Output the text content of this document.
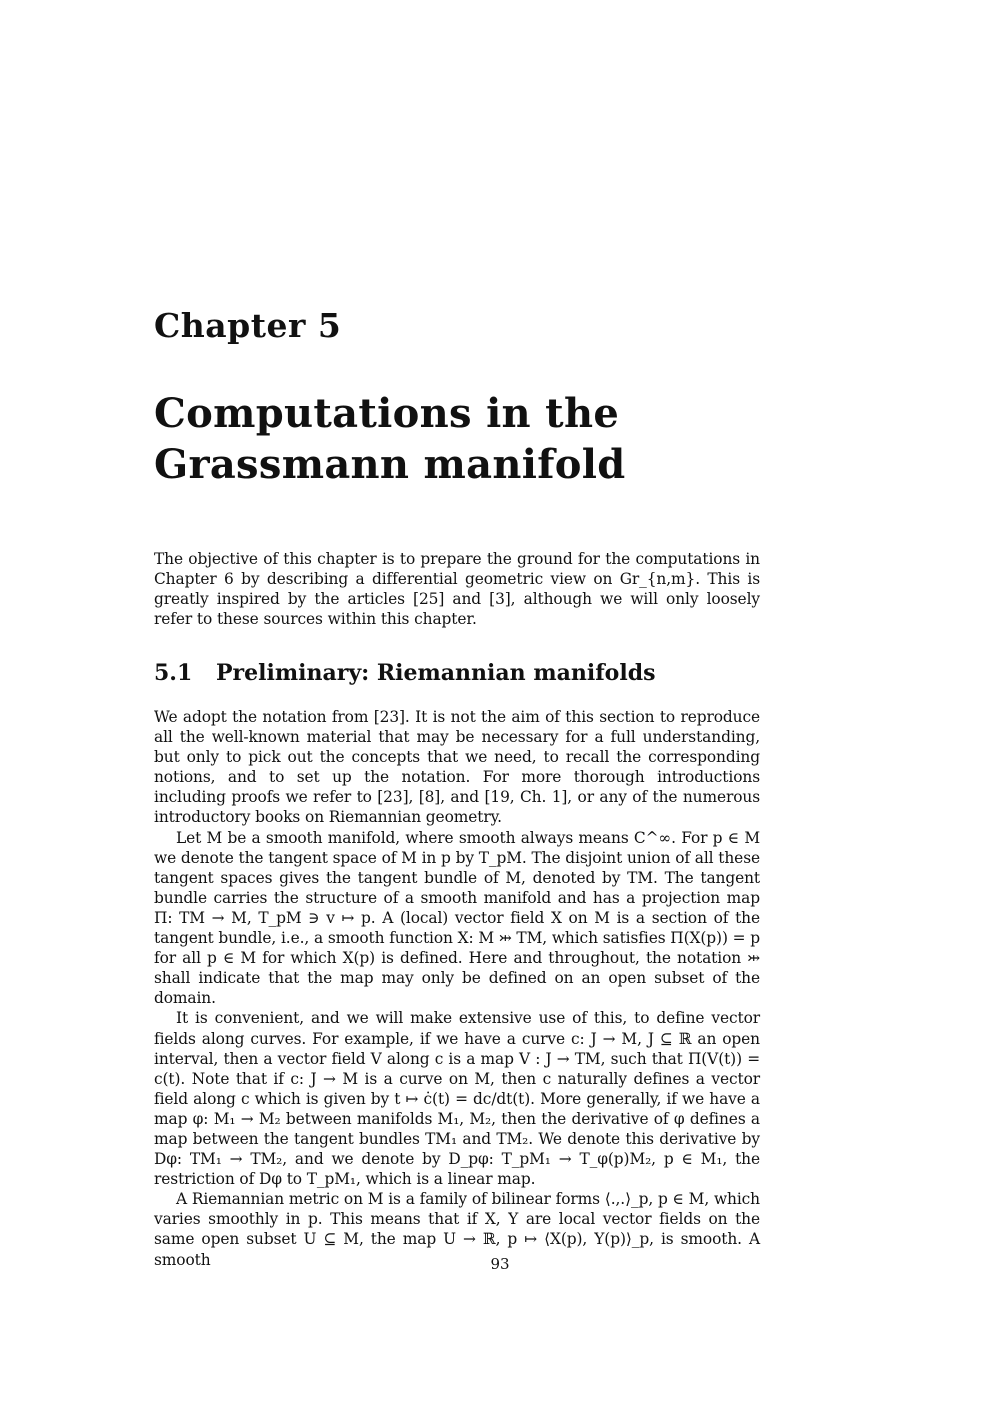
Chapter 5
Computations in the
Grassmann manifold

The objective of this chapter is to prepare the ground for the computations in Chapter 6 by describing a differential geometric view on Gr_{n,m}. This is greatly inspired by the articles [25] and [3], although we will only loosely refer to these sources within this chapter.

5.1 Preliminary: Riemannian manifolds

We adopt the notation from [23]. It is not the aim of this section to reproduce all the well-known material that may be necessary for a full understanding, but only to pick out the concepts that we need, to recall the corresponding notions, and to set up the notation. For more thorough introductions including proofs we refer to [23], [8], and [19, Ch. 1], or any of the numerous introductory books on Riemannian geometry.

Let M be a smooth manifold, where smooth always means C^∞. For p ∈ M we denote the tangent space of M in p by T_pM. The disjoint union of all these tangent spaces gives the tangent bundle of M, denoted by TM. The tangent bundle carries the structure of a smooth manifold and has a projection map Π: TM → M, T_pM ∋ v ↦ p. A (local) vector field X on M is a section of the tangent bundle, i.e., a smooth function X: M ⤔ TM, which satisfies Π(X(p)) = p for all p ∈ M for which X(p) is defined. Here and throughout, the notation ⤔ shall indicate that the map may only be defined on an open subset of the domain.

It is convenient, and we will make extensive use of this, to define vector fields along curves. For example, if we have a curve c: J → M, J ⊆ ℝ an open interval, then a vector field V along c is a map V : J → TM, such that Π(V(t)) = c(t). Note that if c: J → M is a curve on M, then c naturally defines a vector field along c which is given by t ↦ ċ(t) = dc/dt(t). More generally, if we have a map φ: M₁ → M₂ between manifolds M₁, M₂, then the derivative of φ defines a map between the tangent bundles TM₁ and TM₂. We denote this derivative by Dφ: TM₁ → TM₂, and we denote by D_pφ: T_pM₁ → T_φ(p)M₂, p ∈ M₁, the restriction of Dφ to T_pM₁, which is a linear map.

A Riemannian metric on M is a family of bilinear forms ⟨.,.⟩_p, p ∈ M, which varies smoothly in p. This means that if X, Y are local vector fields on the same open subset U ⊆ M, the map U → ℝ, p ↦ ⟨X(p), Y(p)⟩_p, is smooth. A smooth	93
